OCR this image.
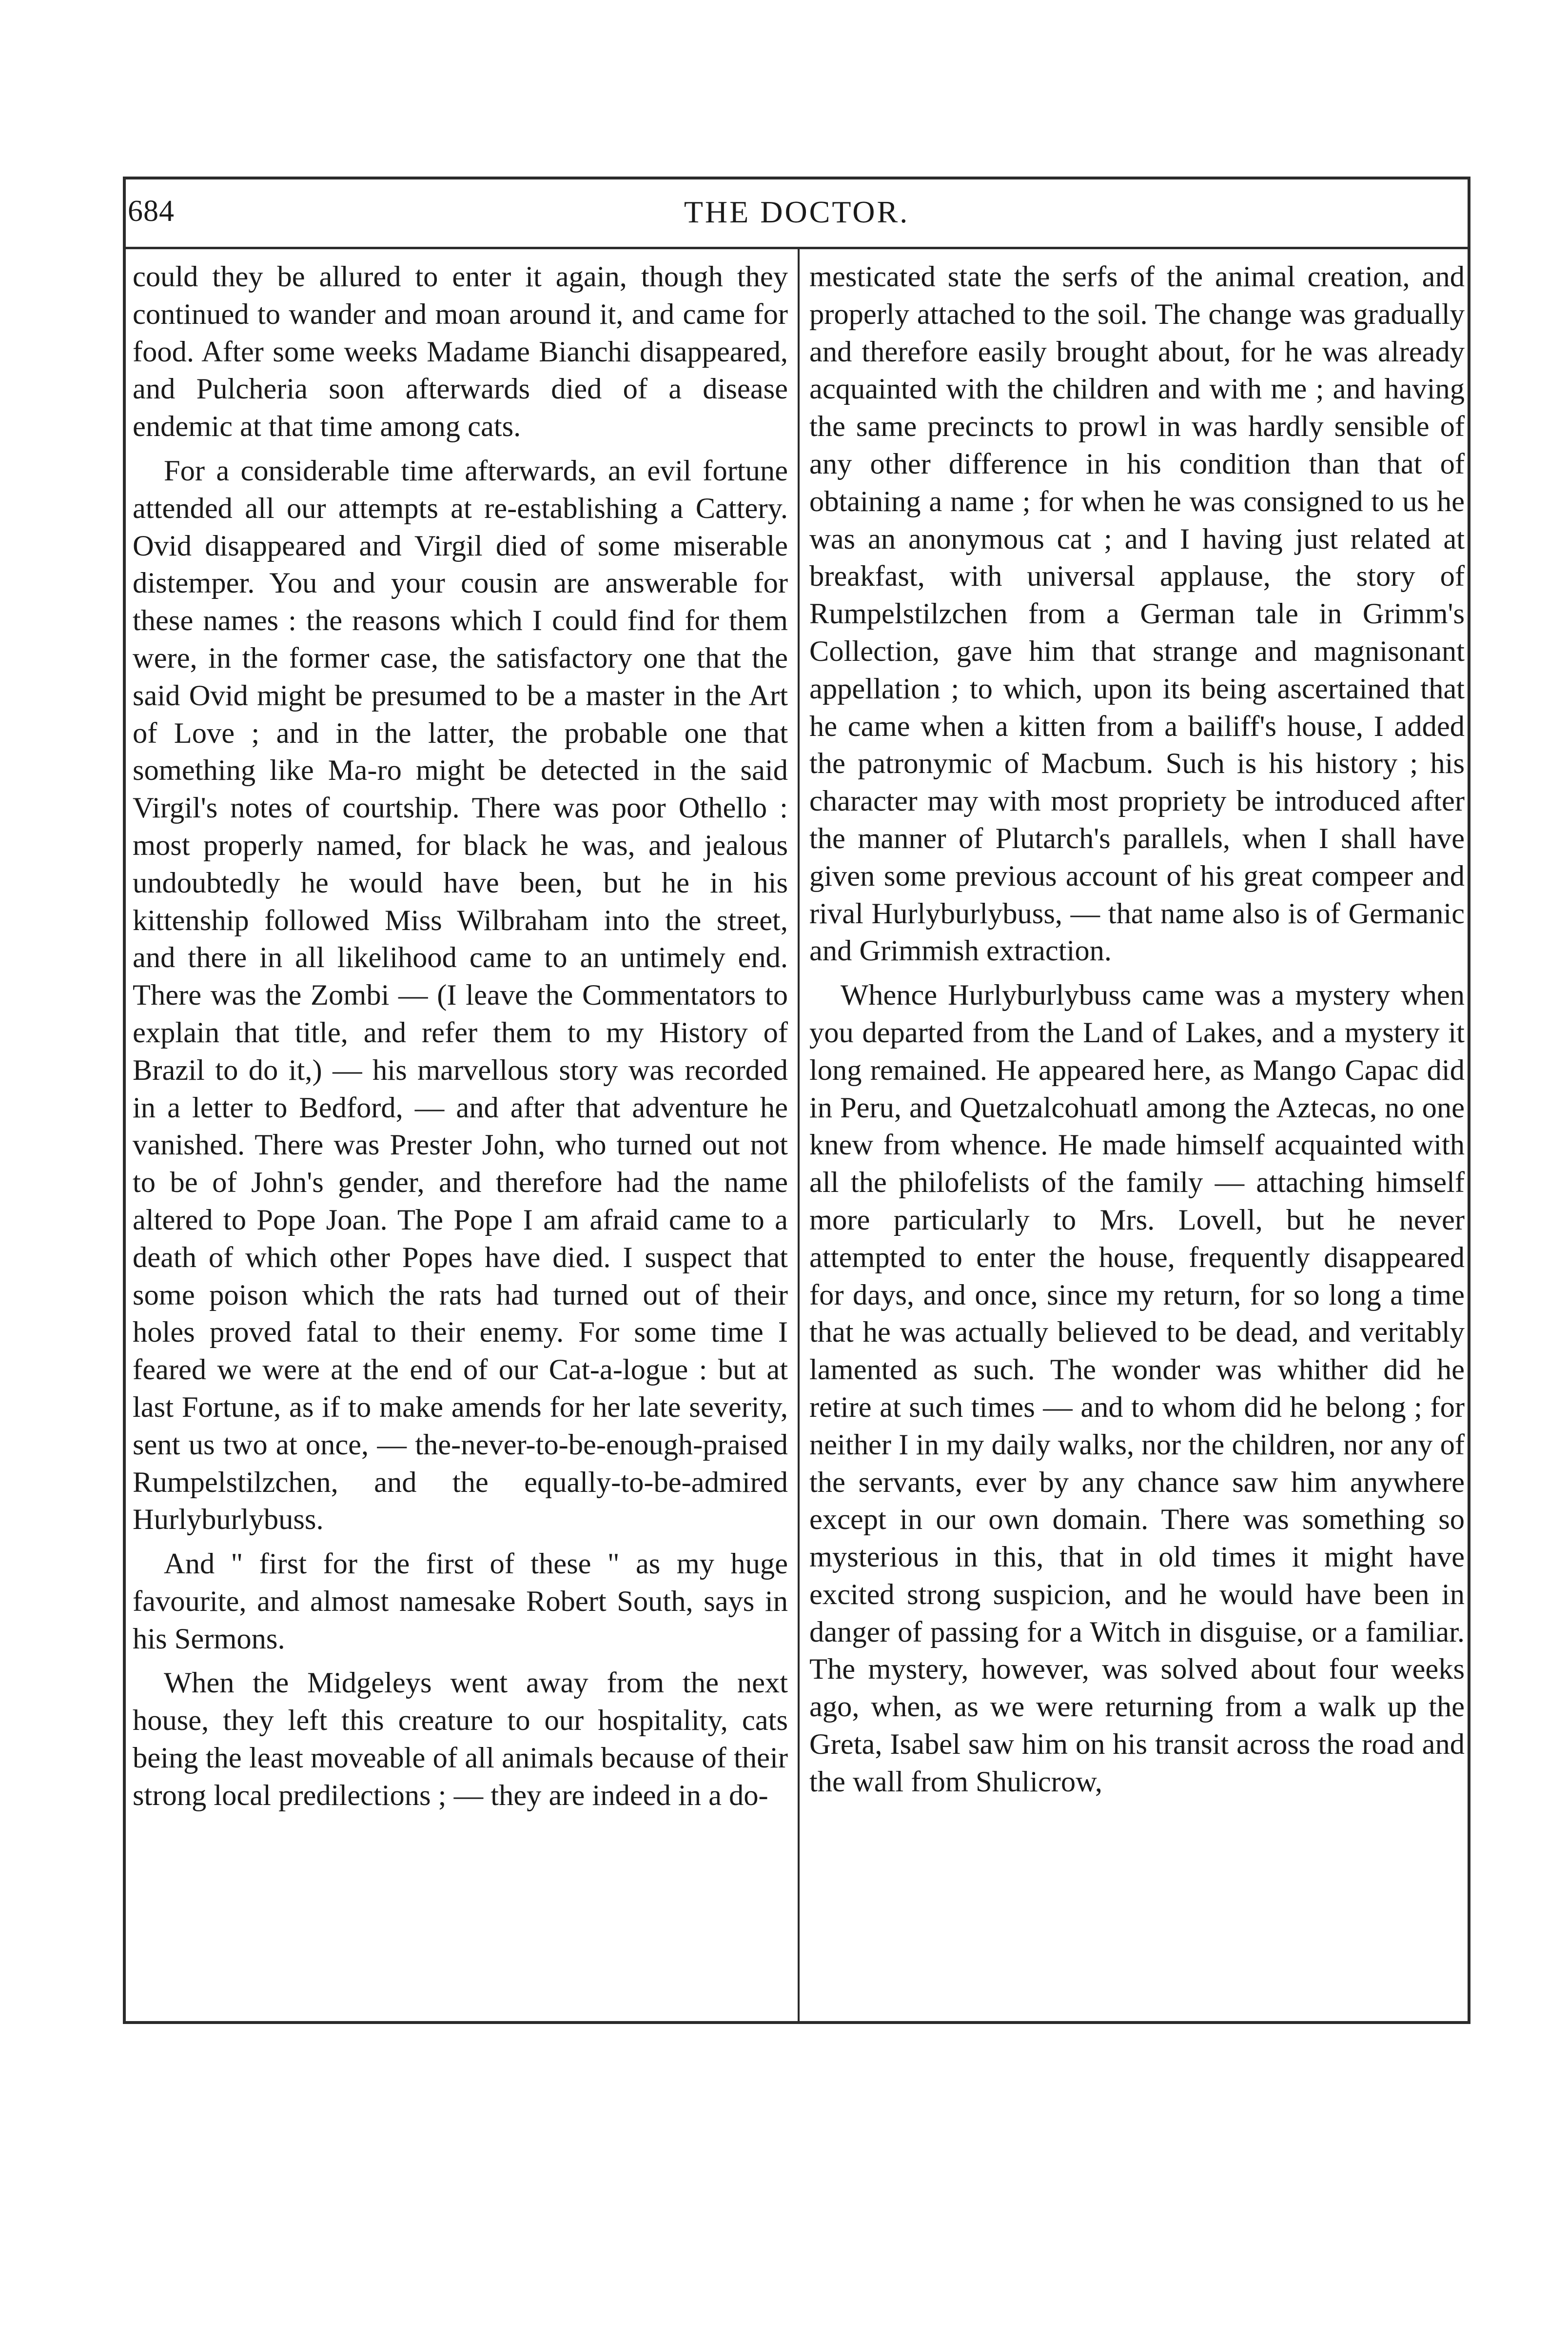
684	THE DOCTOR.

could they be allured to enter it again, though they continued to wander and moan around it, and came for food. After some weeks Madame Bianchi disappeared, and Pulcheria soon afterwards died of a disease endemic at that time among cats.

For a considerable time afterwards, an evil fortune attended all our attempts at re-establishing a Cattery. Ovid disappeared and Virgil died of some miserable distemper. You and your cousin are answerable for these names : the reasons which I could find for them were, in the former case, the satisfactory one that the said Ovid might be presumed to be a master in the Art of Love ; and in the latter, the probable one that something like Ma-ro might be detected in the said Virgil's notes of courtship. There was poor Othello : most properly named, for black he was, and jealous undoubtedly he would have been, but he in his kittenship followed Miss Wilbraham into the street, and there in all likelihood came to an untimely end. There was the Zombi — (I leave the Commentators to explain that title, and refer them to my History of Brazil to do it,) — his marvellous story was recorded in a letter to Bedford, — and after that adventure he vanished. There was Prester John, who turned out not to be of John's gender, and therefore had the name altered to Pope Joan. The Pope I am afraid came to a death of which other Popes have died. I suspect that some poison which the rats had turned out of their holes proved fatal to their enemy. For some time I feared we were at the end of our Cat-a-logue : but at last Fortune, as if to make amends for her late severity, sent us two at once, — the-never-to-be-enough-praised Rumpelstilzchen, and the equally-to-be-admired Hurlyburlybuss.

And " first for the first of these " as my huge favourite, and almost namesake Robert South, says in his Sermons.

When the Midgeleys went away from the next house, they left this creature to our hospitality, cats being the least moveable of all animals because of their strong local predilections ; — they are indeed in a do-

mesticated state the serfs of the animal creation, and properly attached to the soil. The change was gradually and therefore easily brought about, for he was already acquainted with the children and with me ; and having the same precincts to prowl in was hardly sensible of any other difference in his condition than that of obtaining a name ; for when he was consigned to us he was an anonymous cat ; and I having just related at breakfast, with universal applause, the story of Rumpelstilzchen from a German tale in Grimm's Collection, gave him that strange and magnisonant appellation ; to which, upon its being ascertained that he came when a kitten from a bailiff's house, I added the patronymic of Macbum. Such is his history ; his character may with most propriety be introduced after the manner of Plutarch's parallels, when I shall have given some previous account of his great compeer and rival Hurlyburlybuss, — that name also is of Germanic and Grimmish extraction.

Whence Hurlyburlybuss came was a mystery when you departed from the Land of Lakes, and a mystery it long remained. He appeared here, as Mango Capac did in Peru, and Quetzalcohuatl among the Aztecas, no one knew from whence. He made himself acquainted with all the philofelists of the family — attaching himself more particularly to Mrs. Lovell, but he never attempted to enter the house, frequently disappeared for days, and once, since my return, for so long a time that he was actually believed to be dead, and veritably lamented as such. The wonder was whither did he retire at such times — and to whom did he belong ; for neither I in my daily walks, nor the children, nor any of the servants, ever by any chance saw him anywhere except in our own domain. There was something so mysterious in this, that in old times it might have excited strong suspicion, and he would have been in danger of passing for a Witch in disguise, or a familiar. The mystery, however, was solved about four weeks ago, when, as we were returning from a walk up the Greta, Isabel saw him on his transit across the road and the wall from Shulicrow,
